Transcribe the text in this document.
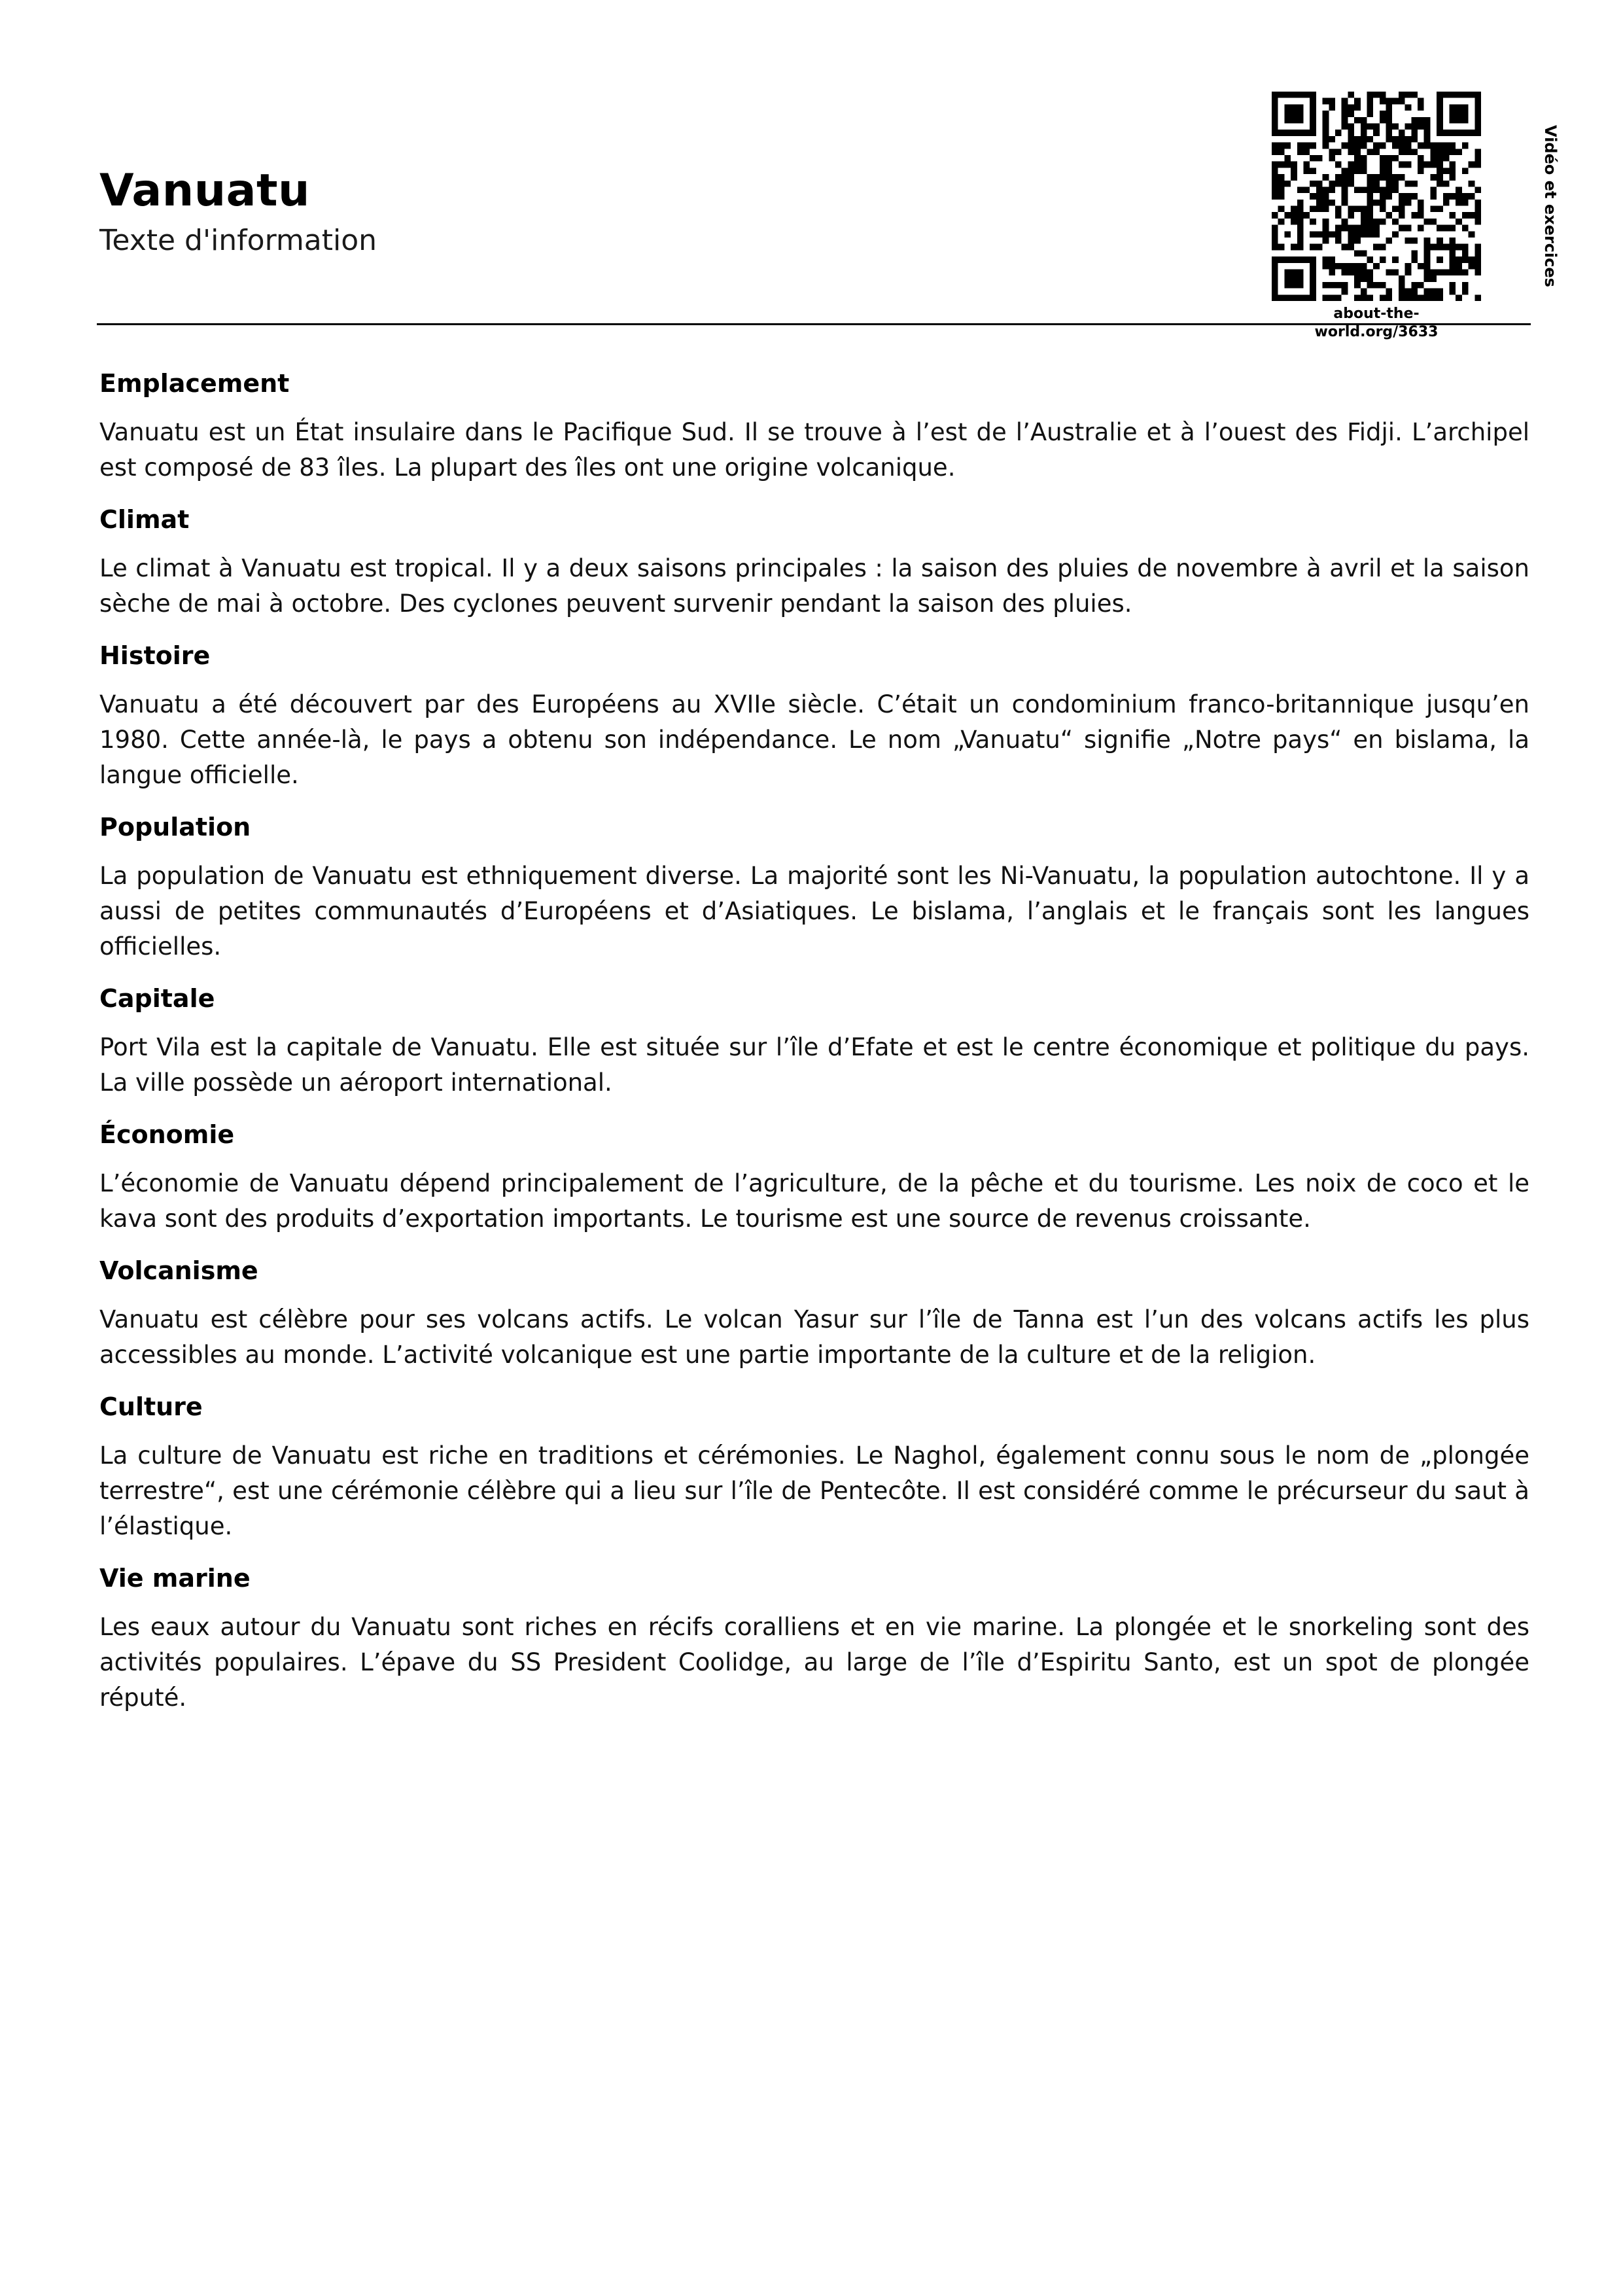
Vanuatu
Texte d'information
about-the-world.org/3633
Vidéo et exercices
Emplacement

Vanuatu est un État insulaire dans le Pacifique Sud. Il se trouve à l’est de l’Australie et à l’ouest des Fidji. L’archipel est composé de 83 îles. La plupart des îles ont une origine volcanique.

Climat

Le climat à Vanuatu est tropical. Il y a deux saisons principales : la saison des pluies de novembre à avril et la saison sèche de mai à octobre. Des cyclones peuvent survenir pendant la saison des pluies.

Histoire

Vanuatu a été découvert par des Européens au XVIIe siècle. C’était un condominium franco-britannique jusqu’en 1980. Cette année-là, le pays a obtenu son indépendance. Le nom „Vanuatu“ signifie „Notre pays“ en bislama, la langue officielle.

Population

La population de Vanuatu est ethniquement diverse. La majorité sont les Ni-Vanuatu, la population autochtone. Il y a aussi de petites communautés d’Européens et d’Asiatiques. Le bislama, l’anglais et le français sont les langues officielles.

Capitale

Port Vila est la capitale de Vanuatu. Elle est située sur l’île d’Efate et est le centre économique et politique du pays. La ville possède un aéroport international.

Économie

L’économie de Vanuatu dépend principalement de l’agriculture, de la pêche et du tourisme. Les noix de coco et le kava sont des produits d’exportation importants. Le tourisme est une source de revenus croissante.

Volcanisme

Vanuatu est célèbre pour ses volcans actifs. Le volcan Yasur sur l’île de Tanna est l’un des volcans actifs les plus accessibles au monde. L’activité volcanique est une partie importante de la culture et de la religion.

Culture

La culture de Vanuatu est riche en traditions et cérémonies. Le Naghol, également connu sous le nom de „plongée terrestre“, est une cérémonie célèbre qui a lieu sur l’île de Pentecôte. Il est considéré comme le précurseur du saut à l’élastique.

Vie marine

Les eaux autour du Vanuatu sont riches en récifs coralliens et en vie marine. La plongée et le snorkeling sont des activités populaires. L’épave du SS President Coolidge, au large de l’île d’Espiritu Santo, est un spot de plongée réputé.
